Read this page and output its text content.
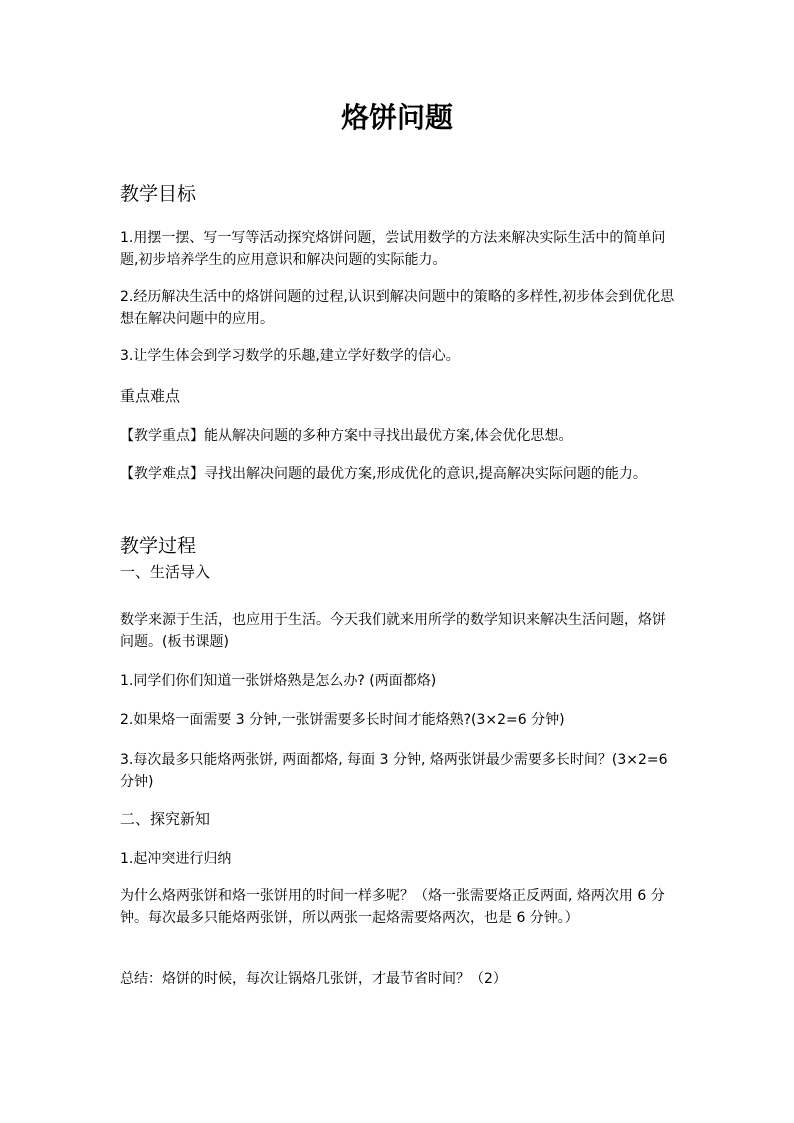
烙饼问题
教学目标

1.用摆一摆、写一写等活动探究烙饼问题，尝试用数学的方法来解决实际生活中的简单问题,初步培养学生的应用意识和解决问题的实际能力。

2.经历解决生活中的烙饼问题的过程,认识到解决问题中的策略的多样性,初步体会到优化思想在解决问题中的应用。

3.让学生体会到学习数学的乐趣,建立学好数学的信心。

重点难点

【教学重点】能从解决问题的多种方案中寻找出最优方案,体会优化思想。

【教学难点】寻找出解决问题的最优方案,形成优化的意识,提高解决实际问题的能力。

教学过程
一、生活导入

数学来源于生活，也应用于生活。今天我们就来用所学的数学知识来解决生活问题，烙饼问题。(板书课题)

1.同学们你们知道一张饼烙熟是怎么办? (两面都烙)

2.如果烙一面需要 3 分钟,一张饼需要多长时间才能烙熟?(3×2=6 分钟)

3.每次最多只能烙两张饼, 两面都烙, 每面 3 分钟, 烙两张饼最少需要多长时间？(3×2=6 分钟)

二、探究新知

1.起冲突进行归纳

为什么烙两张饼和烙一张饼用的时间一样多呢？（烙一张需要烙正反两面, 烙两次用 6 分钟。每次最多只能烙两张饼，所以两张一起烙需要烙两次，也是 6 分钟。）

总结：烙饼的时候，每次让锅烙几张饼，才最节省时间？（2）
